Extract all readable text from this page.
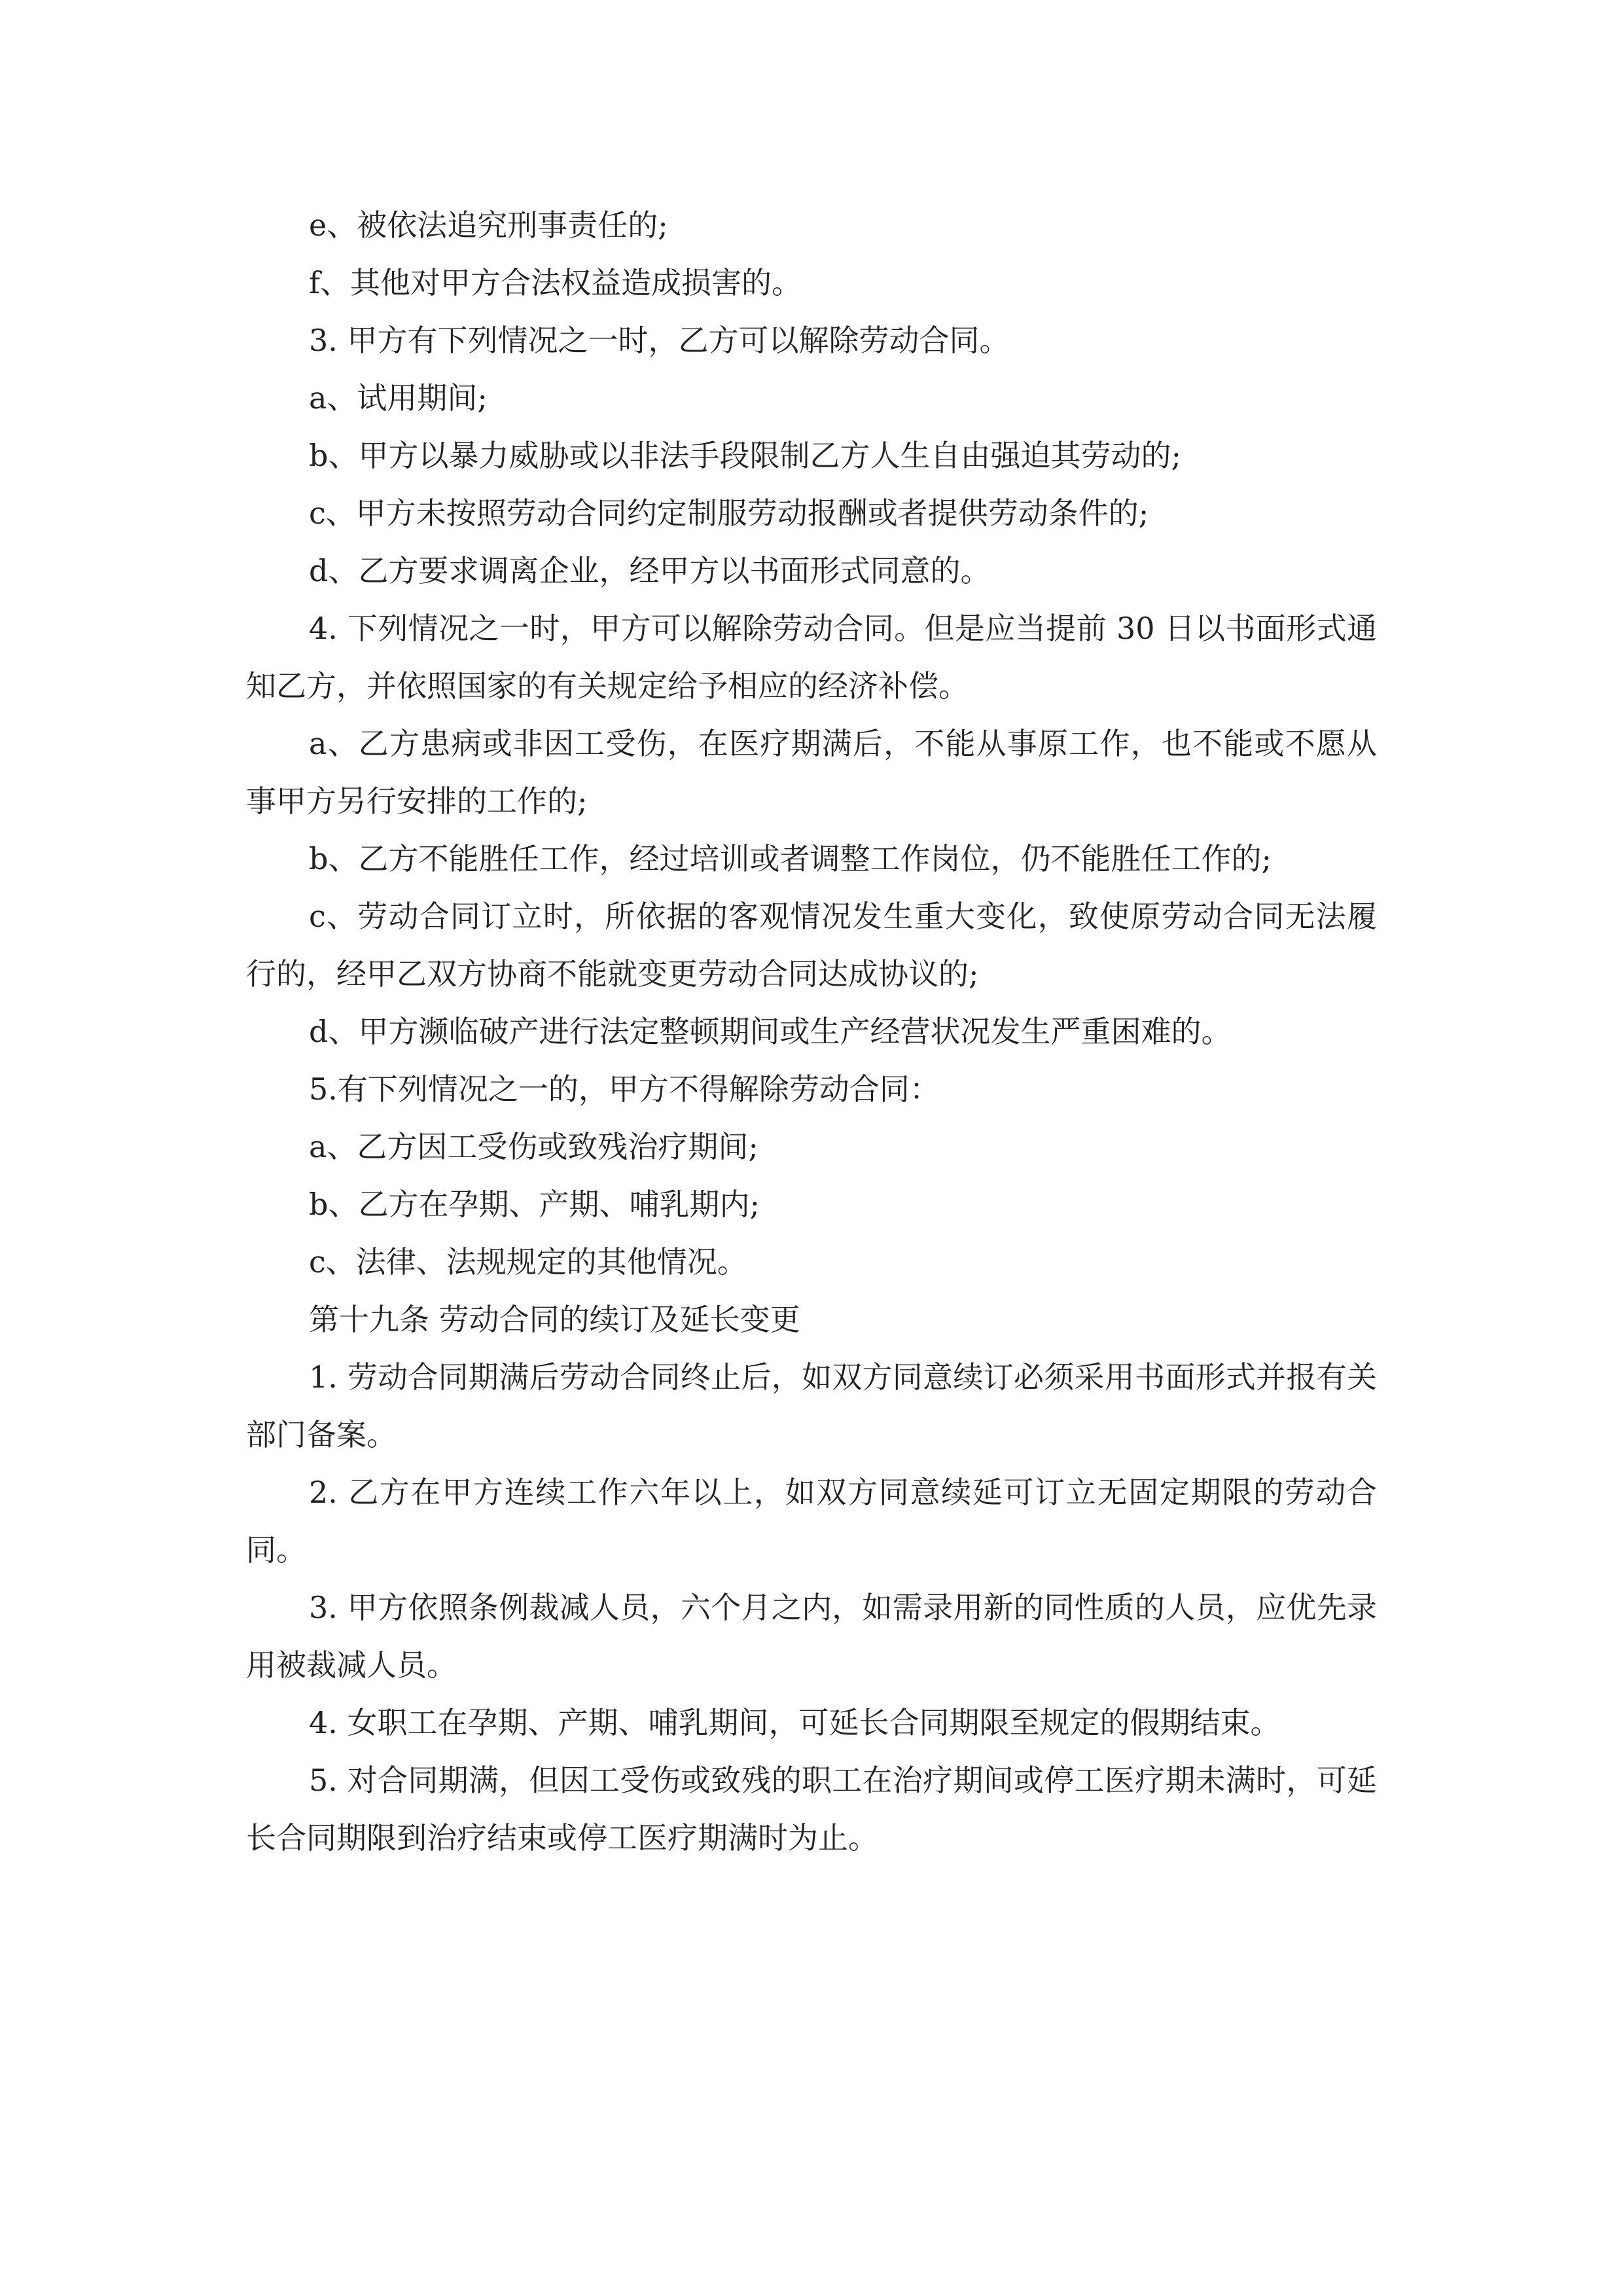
e、被依法追究刑事责任的;

f、其他对甲方合法权益造成损害的。

3. 甲方有下列情况之一时，乙方可以解除劳动合同。

a、试用期间;

b、甲方以暴力威胁或以非法手段限制乙方人生自由强迫其劳动的;

c、甲方未按照劳动合同约定制服劳动报酬或者提供劳动条件的;

d、乙方要求调离企业，经甲方以书面形式同意的。

4. 下列情况之一时，甲方可以解除劳动合同。但是应当提前 30 日以书面形式通知乙方，并依照国家的有关规定给予相应的经济补偿。

a、乙方患病或非因工受伤，在医疗期满后，不能从事原工作，也不能或不愿从事甲方另行安排的工作的;

b、乙方不能胜任工作，经过培训或者调整工作岗位，仍不能胜任工作的;

c、劳动合同订立时，所依据的客观情况发生重大变化，致使原劳动合同无法履行的，经甲乙双方协商不能就变更劳动合同达成协议的;

d、甲方濒临破产进行法定整顿期间或生产经营状况发生严重困难的。

5.有下列情况之一的，甲方不得解除劳动合同：

a、乙方因工受伤或致残治疗期间;

b、乙方在孕期、产期、哺乳期内;

c、法律、法规规定的其他情况。

第十九条 劳动合同的续订及延长变更

1. 劳动合同期满后劳动合同终止后，如双方同意续订必须采用书面形式并报有关部门备案。

2. 乙方在甲方连续工作六年以上，如双方同意续延可订立无固定期限的劳动合同。

3. 甲方依照条例裁减人员，六个月之内，如需录用新的同性质的人员，应优先录用被裁减人员。

4. 女职工在孕期、产期、哺乳期间，可延长合同期限至规定的假期结束。

5. 对合同期满，但因工受伤或致残的职工在治疗期间或停工医疗期未满时，可延长合同期限到治疗结束或停工医疗期满时为止。
